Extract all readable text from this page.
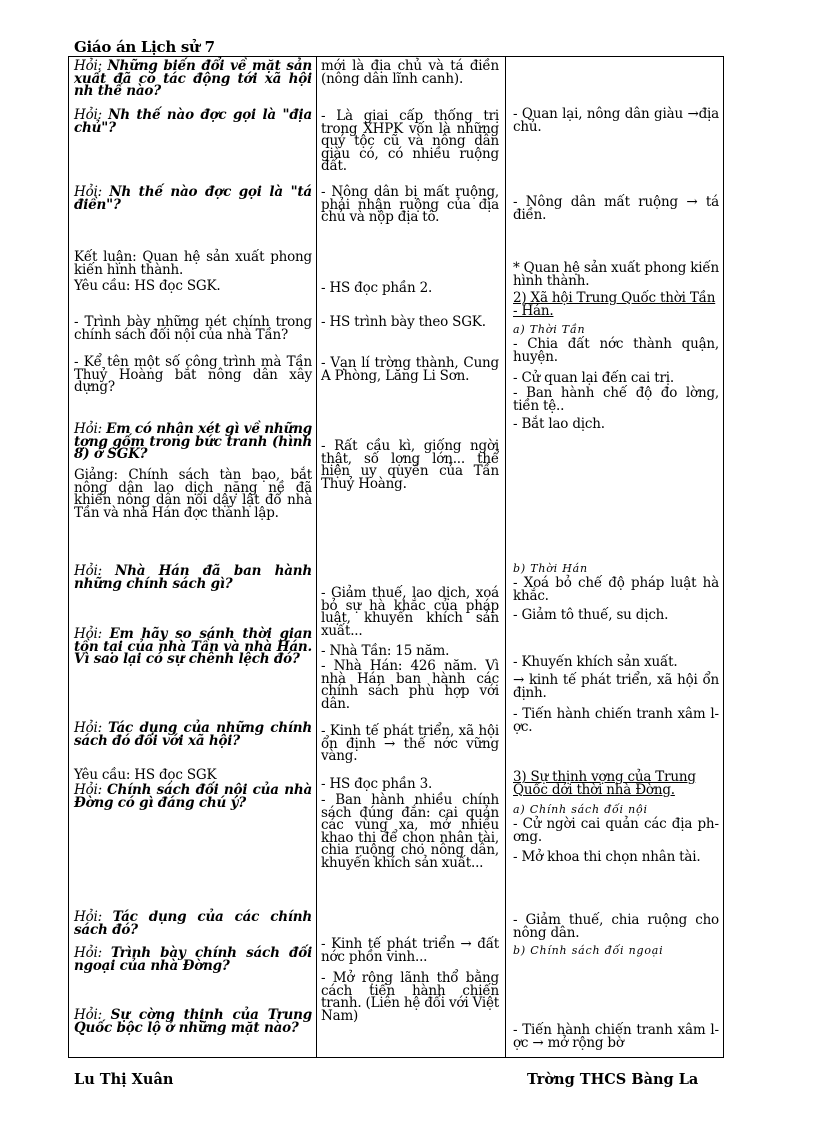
Giáo án Lịch sử 7
Hỏi: Những biến đổi về mặt sản xuất đã có tác động tới xã hội nh thế nào?
Hỏi: Nh thế nào đợc gọi là "địa chủ"?
Hỏi: Nh thế nào đợc gọi là "tá điền"?
Kết luận: Quan hệ sản xuất phong kiến hình thành.
Yêu cầu: HS đọc SGK.
- Trình bày những nét chính trong chính sách đối nội của nhà Tần?
- Kể tên một số công trình mà Tần Thuỷ Hoàng bắt nông dân xây dựng?
Hỏi: Em có nhận xét gì về những tợng gốm trong bức tranh (hình 8) ở SGK?
Giảng: Chính sách tàn bạo, bắt nông dân lao dịch nặng nề đã khiến nông dân nổi dậy lật đổ nhà Tần và nhà Hán đợc thành lập.
Hỏi: Nhà Hán đã ban hành những chính sách gì?
Hỏi: Em hãy so sánh thời gian tồn tại của nhà Tần và nhà Hán. Vì sao lại có sự chênh lệch đó?
Hỏi: Tác dụng của những chính sách đó đối với xã hội?
Yêu cầu: HS đọc SGK
Hỏi: Chính sách đối nội của nhà Đờng có gì đáng chú ý?
Hỏi: Tác dụng của các chính sách đó?
Hỏi: Trình bày chính sách đối ngoại của nhà Đờng?
Hỏi: Sự cờng thịnh của Trung Quốc bộc lộ ở những mặt nào?
mới là địa chủ và tá điền (nông dân lĩnh canh).
- Là giai cấp thống trị trong XHPK vốn là những quý tộc cũ và nông dân giàu có, có nhiều ruộng đất.
- Nông dân bị mất ruộng, phải nhận ruộng của địa chủ và nộp địa tô.
- HS đọc phần 2.
- HS trình bày theo SGK.
- Vạn lí trờng thành, Cung A Phòng, Lăng Li Sơn.
- Rất cầu kì, giống ngời thật, số lợng lớn... thể hiện uy quyền của Tần Thuỷ Hoàng.
- Giảm thuế, lao dịch, xoá bỏ sự hà khắc của pháp luật, khuyến khích sản xuất...
- Nhà Tần: 15 năm.
- Nhà Hán: 426 năm. Vì nhà Hán ban hành các chính sách phù hợp với dân.
- Kinh tế phát triển, xã hội ổn định → thế nớc vững vàng.
- HS đọc phần 3.
- Ban hành nhiều chính sách đúng đắn: cai quản các vùng xa, mở nhiều khao thi để chọn nhân tài, chia ruộng cho nông dân, khuyến khích sản xuất...
- Kinh tế phát triển → đất nớc phồn vinh...
- Mở rộng lãnh thổ bằng cách tiến hành chiến tranh. (Liên hệ đối với Việt Nam)
- Quan lại, nông dân giàu →địa chủ.
- Nông dân mất ruộng → tá điền.
* Quan hệ sản xuất phong kiến hình thành.
2) Xã hội Trung Quốc thời Tần - Hán.
a) Thời Tần
- Chia đất nớc thành quận, huyện.
- Cử quan lại đến cai trị.
- Ban hành chế độ đo lờng, tiền tệ..
- Bắt lao dịch.
b) Thời Hán
- Xoá bỏ chế độ pháp luật hà khắc.
- Giảm tô thuế, su dịch.
- Khuyến khích sản xuất.
→ kinh tế phát triển, xã hội ổn định.
- Tiến hành chiến tranh xâm lợc.
3) Sự thịnh vợng của Trung Quốc dới thời nhà Đờng.
a) Chính sách đối nội
- Cử ngời cai quản các địa phơng.
- Mở khoa thi chọn nhân tài.
- Giảm thuế, chia ruộng cho nông dân.
b) Chính sách đối ngoại
- Tiến hành chiến tranh xâm lợc → mở rộng bờ
Lu Thị Xuân	Trờng THCS Bàng La
